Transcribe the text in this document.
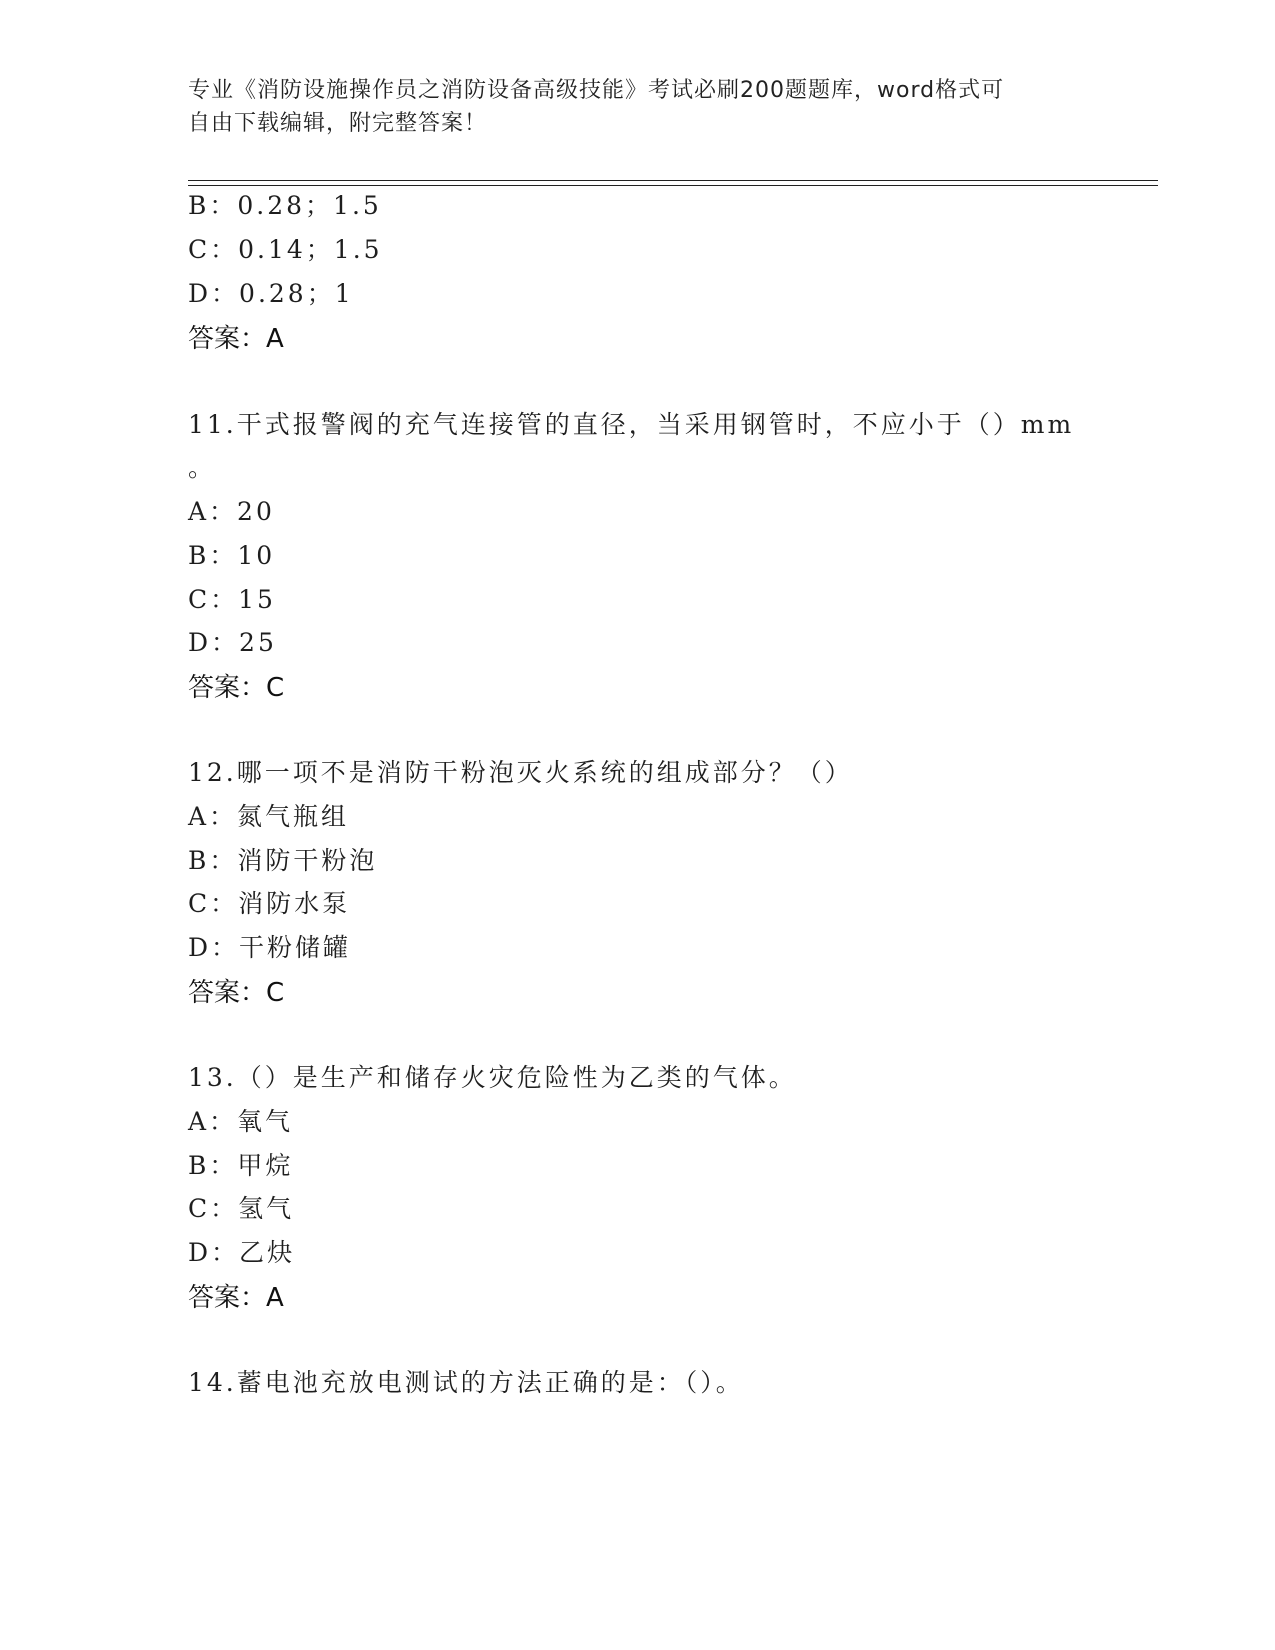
专业《消防设施操作员之消防设备高级技能》考试必刷200题题库，word格式可
自由下载编辑，附完整答案！
B：0.28；1.5
C：0.14；1.5
D：0.28；1
答案：A
11.干式报警阀的充气连接管的直径，当采用钢管时，不应小于（）mm
。
A：20
B：10
C：15
D：25
答案：C
12.哪一项不是消防干粉泡灭火系统的组成部分？（）
A：氮气瓶组
B：消防干粉泡
C：消防水泵
D：干粉储罐
答案：C
13.（）是生产和储存火灾危险性为乙类的气体。
A：氧气
B：甲烷
C：氢气
D：乙炔
答案：A
14.蓄电池充放电测试的方法正确的是：（）。
